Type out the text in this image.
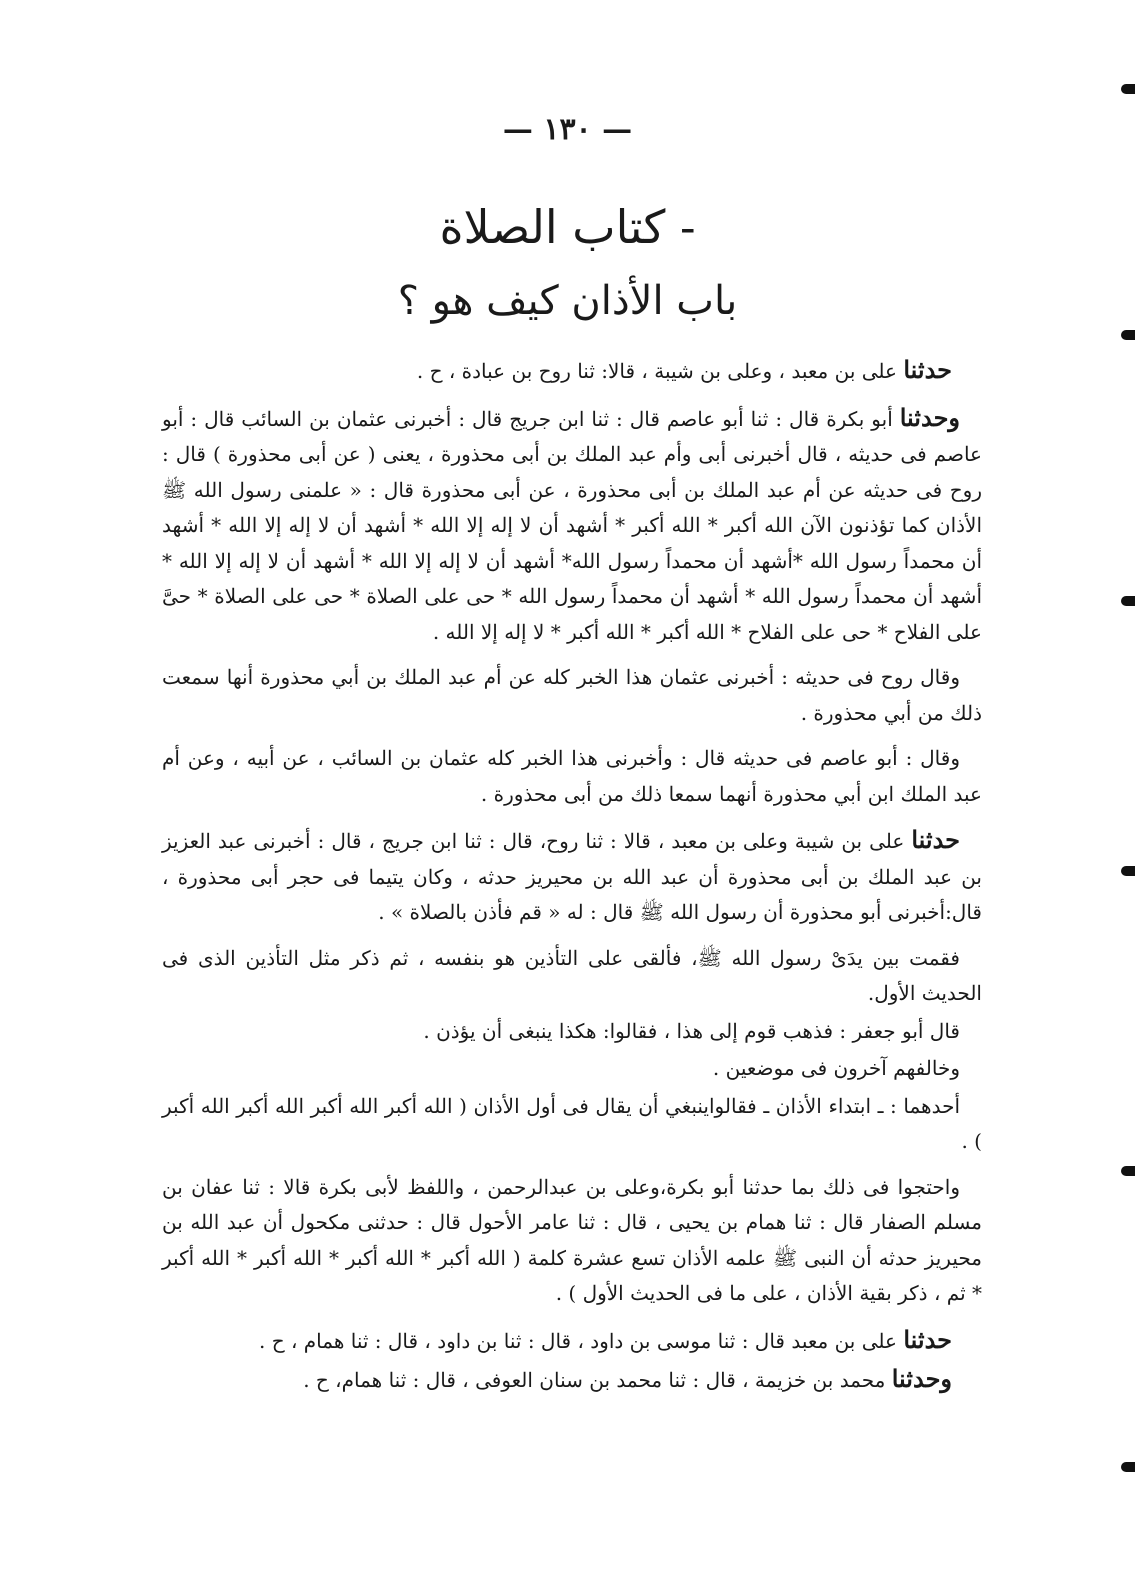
— ١٣٠ —
- كتاب الصلاة
باب الأذان كيف هو ؟

حدثنا على بن معبد ، وعلى بن شيبة ، قالا: ثنا روح بن عبادة ، ح .

وحدثنا أبو بكرة قال : ثنا أبو عاصم قال : ثنا ابن جريج قال : أخبرنى عثمان بن السائب قال : أبو عاصم فى حديثه ، قال أخبرنى أبى وأم عبد الملك بن أبى محذورة ، يعنى ( عن أبى محذورة ) قال : روح فى حديثه عن أم عبد الملك بن أبى محذورة ، عن أبى محذورة قال : « علمنى رسول الله ﷺ الأذان كما تؤذنون الآن الله أكبر * الله أكبر * أشهد أن لا إله إلا الله * أشهد أن لا إله إلا الله * أشهد أن محمداً رسول الله *أشهد أن محمداً رسول الله* أشهد أن لا إله إلا الله * أشهد أن لا إله إلا الله * أشهد أن محمداً رسول الله * أشهد أن محمداً رسول الله * حى على الصلاة * حى على الصلاة * حىَّ على الفلاح * حى على الفلاح * الله أكبر * الله أكبر * لا إله إلا الله .

وقال روح فى حديثه : أخبرنى عثمان هذا الخبر كله عن أم عبد الملك بن أبي محذورة أنها سمعت ذلك من أبي محذورة .

وقال : أبو عاصم فى حديثه قال : وأخبرنى هذا الخبر كله عثمان بن السائب ، عن أبيه ، وعن أم عبد الملك ابن أبي محذورة أنهما سمعا ذلك من أبى محذورة .

حدثنا على بن شيبة وعلى بن معبد ، قالا : ثنا روح، قال : ثنا ابن جريج ، قال : أخبرنى عبد العزيز بن عبد الملك بن أبى محذورة أن عبد الله بن محيريز حدثه ، وكان يتيما فى حجر أبى محذورة ، قال:أخبرنى أبو محذورة أن رسول الله ﷺ قال : له « قم فأذن بالصلاة » .

فقمت بين يدَىْ رسول الله ﷺ، فألقى على التأذين هو بنفسه ، ثم ذكر مثل التأذين الذى فى الحديث الأول.

قال أبو جعفر : فذهب قوم إلى هذا ، فقالوا: هكذا ينبغى أن يؤذن .

وخالفهم آخرون فى موضعين .

أحدهما : ـ ابتداء الأذان ـ فقالواينبغي أن يقال فى أول الأذان ( الله أكبر الله أكبر الله أكبر الله أكبر ) .

واحتجوا فى ذلك بما حدثنا أبو بكرة،وعلى بن عبدالرحمن ، واللفظ لأبى بكرة قالا : ثنا عفان بن مسلم الصفار قال : ثنا همام بن يحيى ، قال : ثنا عامر الأحول قال : حدثنى مكحول أن عبد الله بن محيريز حدثه أن النبى ﷺ علمه الأذان تسع عشرة كلمة ( الله أكبر * الله أكبر * الله أكبر * الله أكبر * ثم ، ذكر بقية الأذان ، على ما فى الحديث الأول ) .

حدثنا على بن معبد قال : ثنا موسى بن داود ، قال : ثنا بن داود ، قال : ثنا همام ، ح .

وحدثنا محمد بن خزيمة ، قال : ثنا محمد بن سنان العوفى ، قال : ثنا همام، ح .
